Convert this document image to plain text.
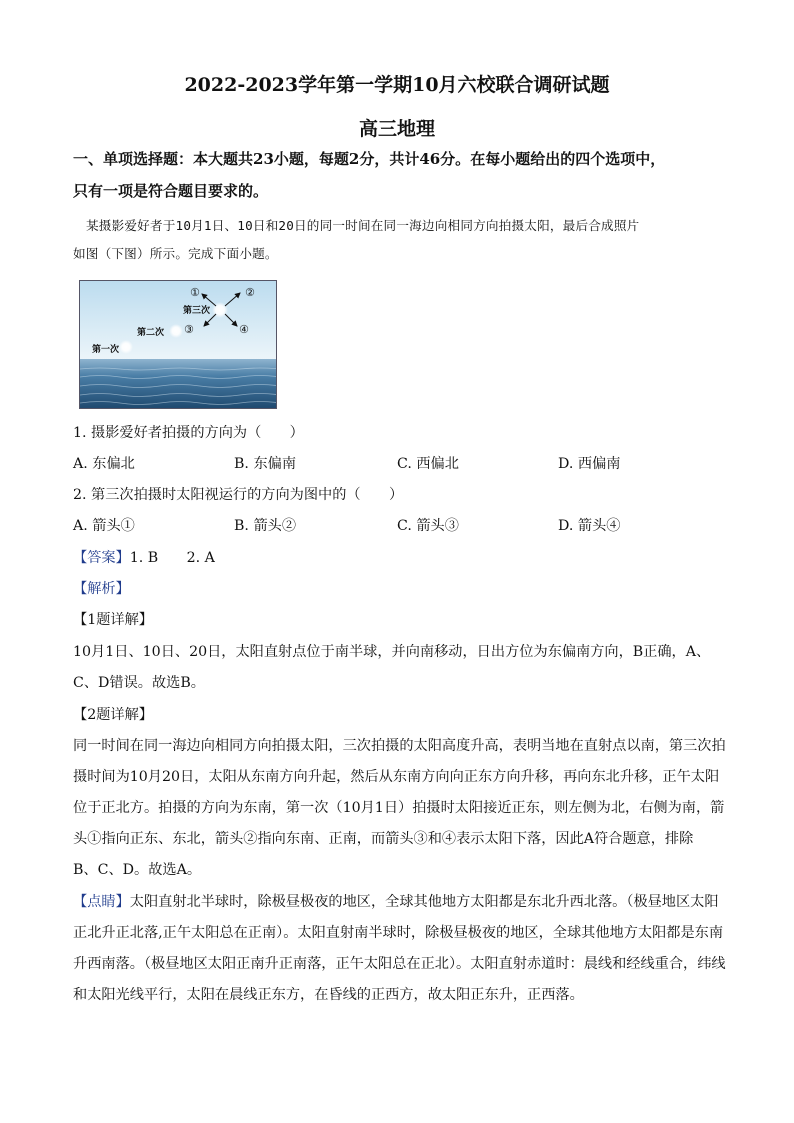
2022-2023学年第一学期10月六校联合调研试题
高三地理
一、单项选择题：本大题共23小题，每题2分，共计46分。在每小题给出的四个选项中，
只有一项是符合题目要求的。
某摄影爱好者于10月1日、10日和20日的同一时间在同一海边向相同方向拍摄太阳，最后合成照片
如图（下图）所示。完成下面小题。
①	②
③	④
第三次
第二次
第一次
1. 摄影爱好者拍摄的方向为（　　）
A. 东偏北	B. 东偏南	C. 西偏北	D. 西偏南
2. 第三次拍摄时太阳视运行的方向为图中的（　　）
A. 箭头①	B. 箭头②	C. 箭头③	D. 箭头④
【答案】1. B　　2. A
【解析】
【1题详解】
10月1日、10日、20日，太阳直射点位于南半球，并向南移动，日出方位为东偏南方向，B正确，A、
C、D错误。故选B。
【2题详解】
同一时间在同一海边向相同方向拍摄太阳，三次拍摄的太阳高度升高，表明当地在直射点以南，第三次拍
摄时间为10月20日，太阳从东南方向升起，然后从东南方向向正东方向升移，再向东北升移，正午太阳
位于正北方。拍摄的方向为东南，第一次（10月1日）拍摄时太阳接近正东，则左侧为北，右侧为南，箭
头①指向正东、东北，箭头②指向东南、正南，而箭头③和④表示太阳下落，因此A符合题意，排除
B、C、D。故选A。
【点睛】太阳直射北半球时，除极昼极夜的地区，全球其他地方太阳都是东北升西北落。（极昼地区太阳
正北升正北落,正午太阳总在正南）。太阳直射南半球时，除极昼极夜的地区，全球其他地方太阳都是东南
升西南落。（极昼地区太阳正南升正南落，正午太阳总在正北）。太阳直射赤道时：晨线和经线重合，纬线
和太阳光线平行，太阳在晨线正东方，在昏线的正西方，故太阳正东升，正西落。
